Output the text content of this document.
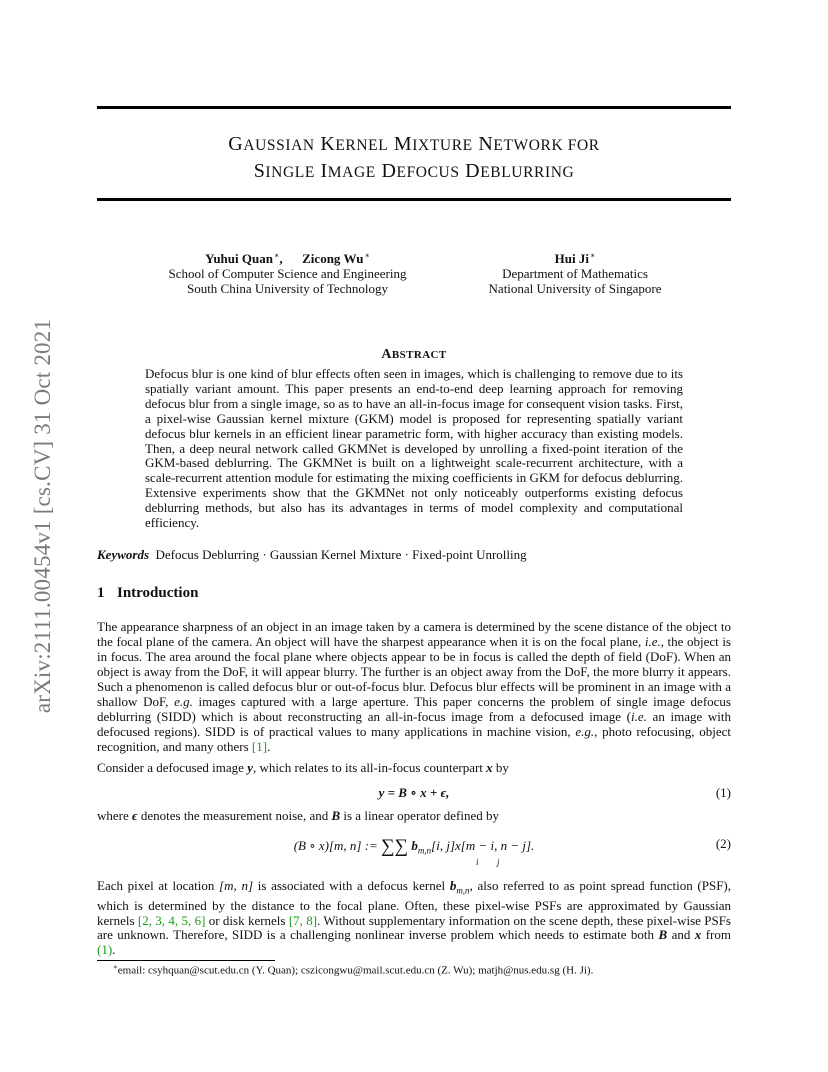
arXiv:2111.00454v1 [cs.CV] 31 Oct 2021
GAUSSIAN KERNEL MIXTURE NETWORK FOR
SINGLE IMAGE DEFOCUS DEBLURRING
Yuhui Quan∗, Zicong Wu∗
School of Computer Science and Engineering
South China University of Technology
Hui Ji∗
Department of Mathematics
National University of Singapore
ABSTRACT
Defocus blur is one kind of blur effects often seen in images, which is challenging to remove due to its spatially variant amount. This paper presents an end-to-end deep learning approach for removing defocus blur from a single image, so as to have an all-in-focus image for consequent vision tasks. First, a pixel-wise Gaussian kernel mixture (GKM) model is proposed for representing spatially variant defocus blur kernels in an efficient linear parametric form, with higher accuracy than existing models. Then, a deep neural network called GKMNet is developed by unrolling a fixed-point iteration of the GKM-based deblurring. The GKMNet is built on a lightweight scale-recurrent architecture, with a scale-recurrent attention module for estimating the mixing coefficients in GKM for defocus deblurring. Extensive experiments show that the GKMNet not only noticeably outperforms existing defocus deblurring methods, but also has its advantages in terms of model complexity and computational efficiency.
Keywords Defocus Deblurring · Gaussian Kernel Mixture · Fixed-point Unrolling
1 Introduction
The appearance sharpness of an object in an image taken by a camera is determined by the scene distance of the object to the focal plane of the camera. An object will have the sharpest appearance when it is on the focal plane, i.e., the object is in focus. The area around the focal plane where objects appear to be in focus is called the depth of field (DoF). When an object is away from the DoF, it will appear blurry. The further is an object away from the DoF, the more blurry it appears. Such a phenomenon is called defocus blur or out-of-focus blur. Defocus blur effects will be prominent in an image with a shallow DoF, e.g. images captured with a large aperture. This paper concerns the problem of single image defocus deblurring (SIDD) which is about reconstructing an all-in-focus image from a defocused image (i.e. an image with defocused regions). SIDD is of practical values to many applications in machine vision, e.g., photo refocusing, object recognition, and many others [1].
Consider a defocused image y, which relates to its all-in-focus counterpart x by
y = B ∘ x + ϵ,	(1)
where ϵ denotes the measurement noise, and B is a linear operator defined by
(B ∘ x)[m, n] := ∑∑ $b_{m,n}[i$, j]x[m − i, n − j].
i j
(2)
Each pixel at location [m, n] is associated with a defocus kernel $b_{m,n}$, also referred to as point spread function (PSF), which is determined by the distance to the focal plane. Often, these pixel-wise PSFs are approximated by Gaussian kernels [2, 3, 4, 5, 6] or disk kernels [7, 8]. Without supplementary information on the scene depth, these pixel-wise PSFs are unknown. Therefore, SIDD is a challenging nonlinear inverse problem which needs to estimate both B and x from (1).
∗email: csyhquan@scut.edu.cn (Y. Quan); cszicongwu@mail.scut.edu.cn (Z. Wu); matjh@nus.edu.sg (H. Ji).
